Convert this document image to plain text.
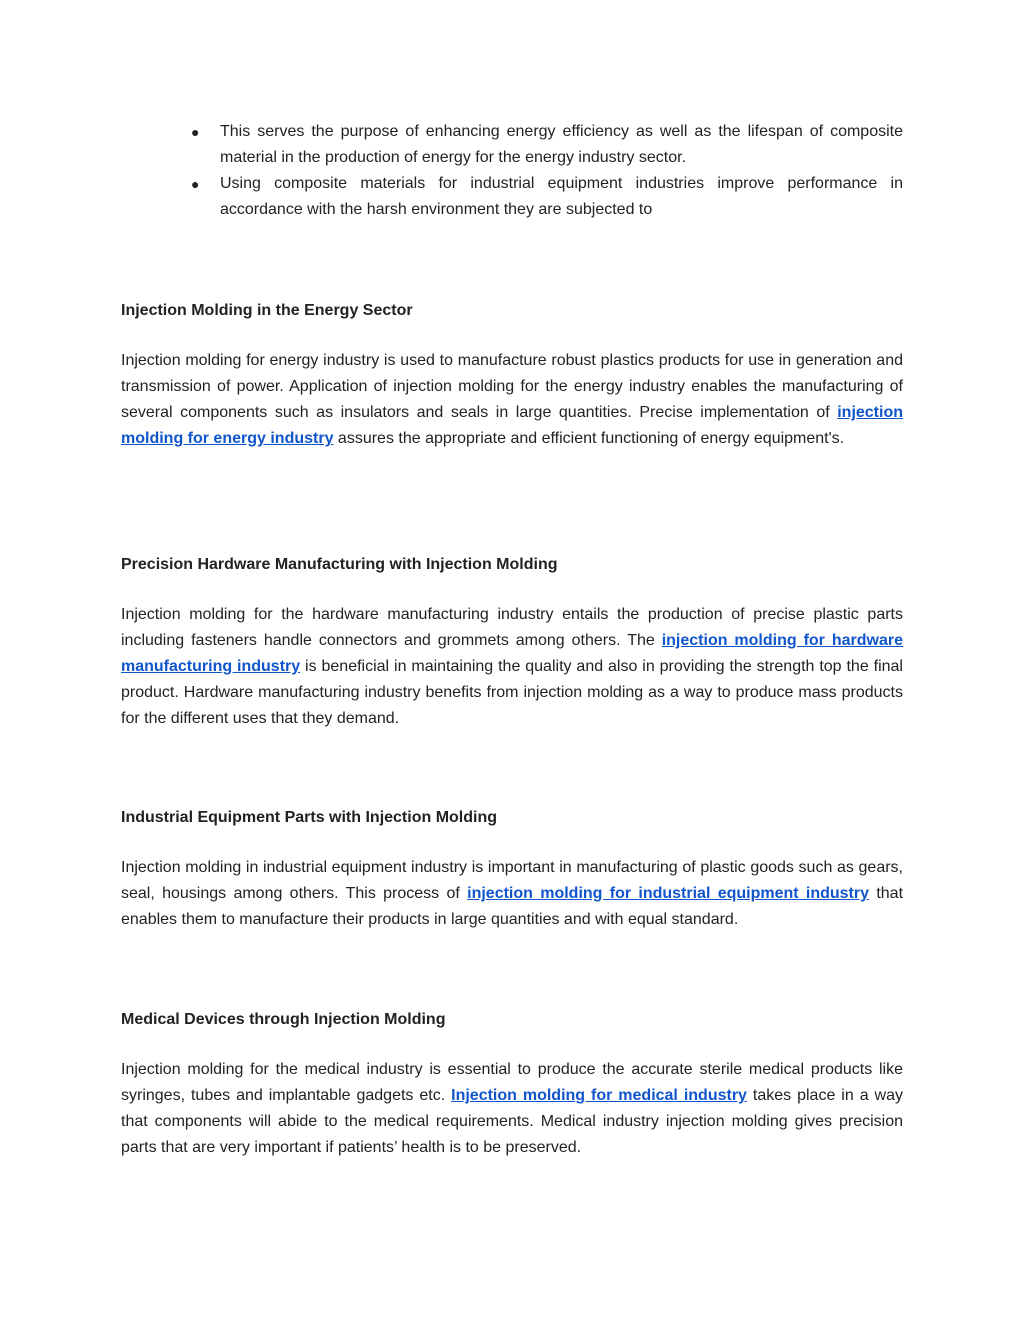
● This serves the purpose of enhancing energy efficiency as well as the lifespan of composite material in the production of energy for the energy industry sector.
● Using composite materials for industrial equipment industries improve performance in accordance with the harsh environment they are subjected to
Injection Molding in the Energy Sector

Injection molding for energy industry is used to manufacture robust plastics products for use in generation and transmission of power. Application of injection molding for the energy industry enables the manufacturing of several components such as insulators and seals in large quantities. Precise implementation of injection molding for energy industry assures the appropriate and efficient functioning of energy equipment's.

Precision Hardware Manufacturing with Injection Molding

Injection molding for the hardware manufacturing industry entails the production of precise plastic parts including fasteners handle connectors and grommets among others. The injection molding for hardware manufacturing industry is beneficial in maintaining the quality and also in providing the strength top the final product. Hardware manufacturing industry benefits from injection molding as a way to produce mass products for the different uses that they demand.

Industrial Equipment Parts with Injection Molding

Injection molding in industrial equipment industry is important in manufacturing of plastic goods such as gears, seal, housings among others. This process of injection molding for industrial equipment industry that enables them to manufacture their products in large quantities and with equal standard.

Medical Devices through Injection Molding

Injection molding for the medical industry is essential to produce the accurate sterile medical products like syringes, tubes and implantable gadgets etc. Injection molding for medical industry takes place in a way that components will abide to the medical requirements. Medical industry injection molding gives precision parts that are very important if patients’ health is to be preserved.
